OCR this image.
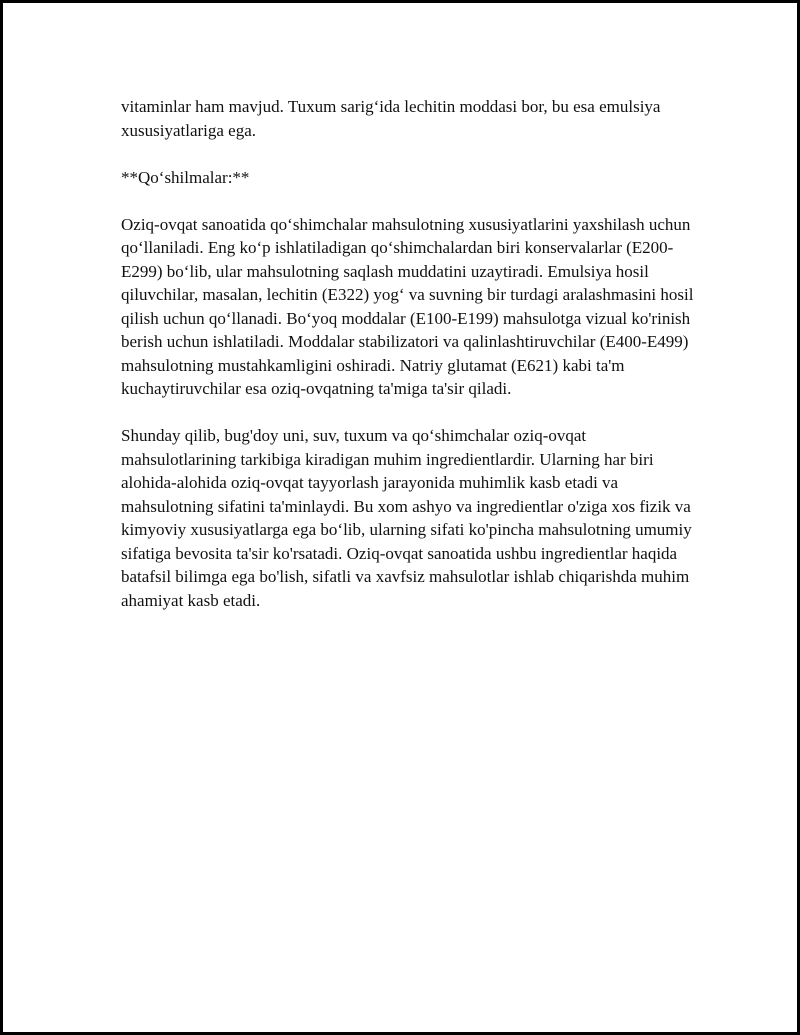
vitaminlar ham mavjud. Tuxum sarig‘ida lechitin moddasi bor, bu esa emulsiya xususiyatlariga ega.

**Qo‘shilmalar:**

Oziq-ovqat sanoatida qo‘shimchalar mahsulotning xususiyatlarini yaxshilash uchun qo‘llaniladi. Eng ko‘p ishlatiladigan qo‘shimchalardan biri konservalarlar (E200-E299) bo‘lib, ular mahsulotning saqlash muddatini uzaytiradi. Emulsiya hosil qiluvchilar, masalan, lechitin (E322) yog‘ va suvning bir turdagi aralashmasini hosil qilish uchun qo‘llanadi. Bo‘yoq moddalar (E100-E199) mahsulotga vizual ko'rinish berish uchun ishlatiladi. Moddalar stabilizatori va qalinlashtiruvchilar (E400-E499) mahsulotning mustahkamligini oshiradi. Natriy glutamat (E621) kabi ta'm kuchaytiruvchilar esa oziq-ovqatning ta'miga ta'sir qiladi.

Shunday qilib, bug'doy uni, suv, tuxum va qo‘shimchalar oziq-ovqat mahsulotlarining tarkibiga kiradigan muhim ingredientlardir. Ularning har biri alohida-alohida oziq-ovqat tayyorlash jarayonida muhimlik kasb etadi va mahsulotning sifatini ta'minlaydi. Bu xom ashyo va ingredientlar o'ziga xos fizik va kimyoviy xususiyatlarga ega bo‘lib, ularning sifati ko'pincha mahsulotning umumiy sifatiga bevosita ta'sir ko'rsatadi. Oziq-ovqat sanoatida ushbu ingredientlar haqida batafsil bilimga ega bo'lish, sifatli va xavfsiz mahsulotlar ishlab chiqarishda muhim ahamiyat kasb etadi.
